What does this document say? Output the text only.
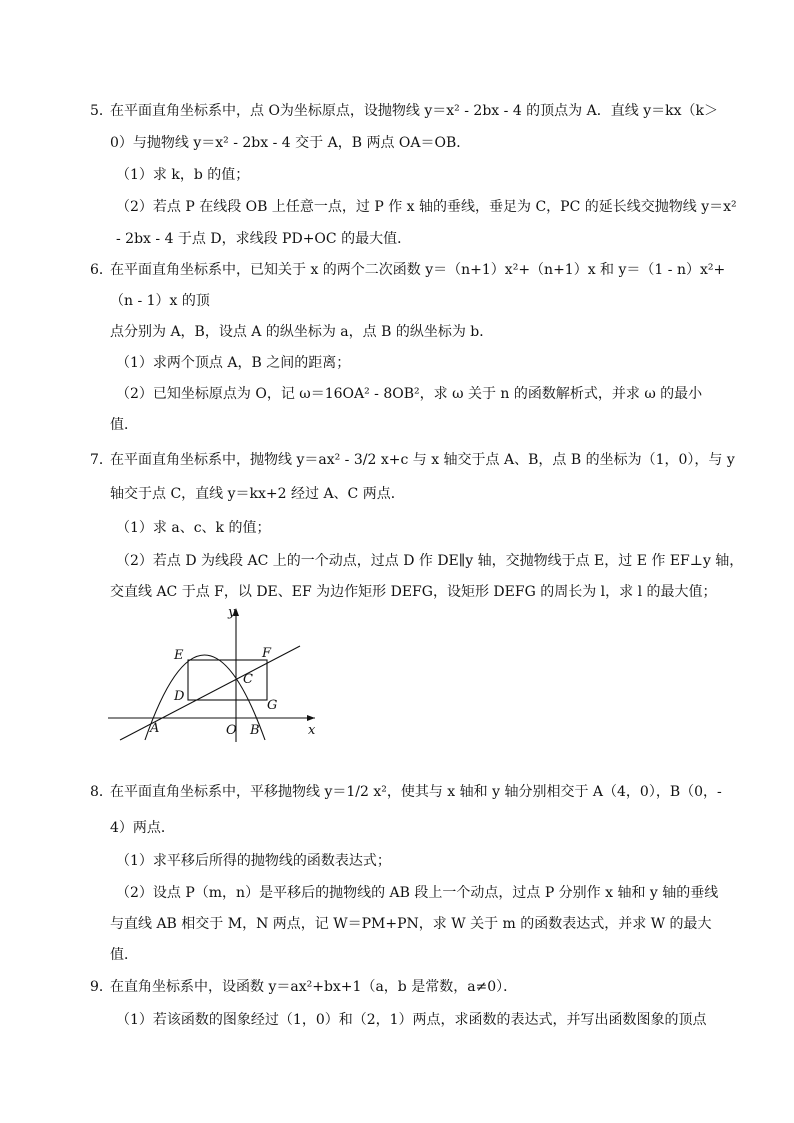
5．
在平面直角坐标系中，点 O为坐标原点，设抛物线 y＝x² - 2bx - 4 的顶点为 A．直线 y＝kx（k＞
0）与抛物线 y＝x² - 2bx - 4 交于 A，B 两点 OA＝OB．
（1）求 k，b 的值；
（2）若点 P 在线段 OB 上任意一点，过 P 作 x 轴的垂线，垂足为 C，PC 的延长线交抛物线 y＝x²
- 2bx - 4 于点 D，求线段 PD+OC 的最大值．
6．
在平面直角坐标系中，已知关于 x 的两个二次函数 y＝（n+1）x²+（n+1）x 和 y＝（1 - n）x²+
（n - 1）x 的顶
点分别为 A，B，设点 A 的纵坐标为 a，点 B 的纵坐标为 b．
（1）求两个顶点 A，B 之间的距离；
（2）已知坐标原点为 O，记 ω＝16OA² - 8OB²，求 ω 关于 n 的函数解析式，并求 ω 的最小
值．
7．
在平面直角坐标系中，抛物线 y＝ax² - 3/2 x+c 与 x 轴交于点 A、B，点 B 的坐标为（1，0），与 y
轴交于点 C，直线 y＝kx+2 经过 A、C 两点．
（1）求 a、c、k 的值；
（2）若点 D 为线段 AC 上的一个动点，过点 D 作 DE∥y 轴，交抛物线于点 E，过 E 作 EF⊥y 轴，
交直线 AC 于点 F，以 DE、EF 为边作矩形 DEFG，设矩形 DEFG 的周长为 l，求 l 的最大值；
y
x
E	F
C
D
G
A	O B
8．
在平面直角坐标系中，平移抛物线 y＝1/2 x²，使其与 x 轴和 y 轴分别相交于 A（4，0），B（0，-
4）两点．
（1）求平移后所得的抛物线的函数表达式；
（2）设点 P（m，n）是平移后的抛物线的 AB 段上一个动点，过点 P 分别作 x 轴和 y 轴的垂线
与直线 AB 相交于 M，N 两点，记 W＝PM+PN，求 W 关于 m 的函数表达式，并求 W 的最大
值．
9．
在直角坐标系中，设函数 y＝ax²+bx+1（a，b 是常数，a≠0）．
（1）若该函数的图象经过（1，0）和（2，1）两点，求函数的表达式，并写出函数图象的顶点
